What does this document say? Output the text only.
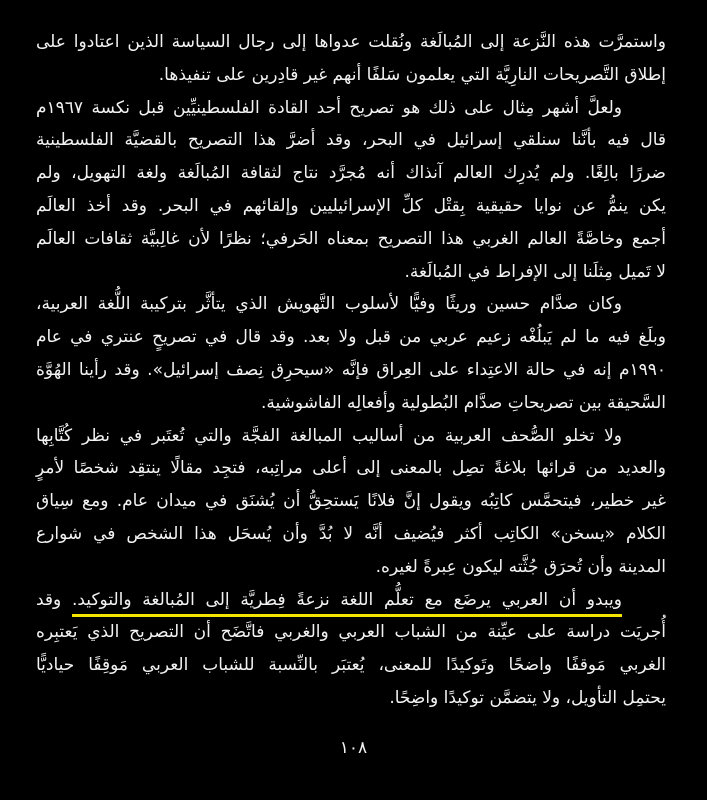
واستمرَّت هذه النَّزعة إلى المُبالَغة ونُقلت عدواها إلى رجال السياسة الذين اعتادوا على
إطلاق التَّصريحات النارِيَّة التي يعلمون سَلفًا أنهم غير قادِرين على تنفيذها.
ولعلَّ أشهر مِثال على ذلك هو تصريح أحد القادة الفلسطينيِّين قبل نكسة ١٩٦٧م
قال فيه بأنَّنا سنلقي إسرائيل في البحر، وقد أضرَّ هذا التصريح بالقضيَّة الفلسطينية
ضررًا بالِغًا. ولم يُدرِك العالم آنذاك أنه مُجرَّد نتاج لثقافة المُبالَغة ولغة التهويل، ولم
يكن ينمُّ عن نوايا حقيقية بِقتْل كلِّ الإسرائيليين وإلقائهم في البحر. وقد أخذ العالَم
أجمع وخاصَّةً العالم الغربي هذا التصريح بمعناه الحَرفي؛ نظرًا لأن غالِبيَّة ثقافات العالَم
لا تَميل مِثلَنا إلى الإفراط في المُبالَغة.
وكان صدَّام حسين وريثًا وفيًّا لأسلوب التَّهويش الذي يتأثَّر بتركيبة اللُّغة العربية،
وبلَغ فيه ما لم يَبلُغْه زعيم عربي من قبل ولا بعد. وقد قال في تصريحٍ عنتري في عام
١٩٩٠م إنه في حالة الاعتِداء على العِراق فإنَّه «سيحرِق نِصف إسرائيل». وقد رأينا الهُوَّة
السَّحيقة بين تصريحاتِ صدَّام البُطولية وأفعالِه الفاشوشية.
ولا تخلو الصُّحف العربية من أساليب المبالغة الفجَّة والتي تُعتَبر في نظر كُتَّابِها
والعديد من قرائها بلاغةً تصِل بالمعنى إلى أعلى مراتِبه، فتجِد مقالًا ينتقِد شخصًا لأمرٍ
غير خطير، فيتحمَّس كاتِبُه ويقول إنَّ فلانًا يَستحِقُّ أن يُشنَق في ميدان عام. ومع سِياق
الكلام «يسخن» الكاتِب أكثر فيُضيف أنَّه لا بُدَّ وأن يُسحَل هذا الشخص في شوارع
المدينة وأن تُحرَق جُثَّته ليكون عِبرةً لغيره.
ويبدو أن العربي يرضَع مع تعلُّم اللغة نزعةً فِطريَّة إلى المُبالغة والتوكيد. وقد
أُجريَت دراسة على عيِّنة من الشباب العربي والغربي فاتَّضَح أن التصريح الذي يَعتبِره
الغربي مَوقفًا واضحًا وتَوكيدًا للمعنى، يُعتبَر بالنِّسبة للشباب العربي مَوقِفًا حياديًّا
يحتمِل التأويل، ولا يتضمَّن توكيدًا واضِحًا.
١٠٨
